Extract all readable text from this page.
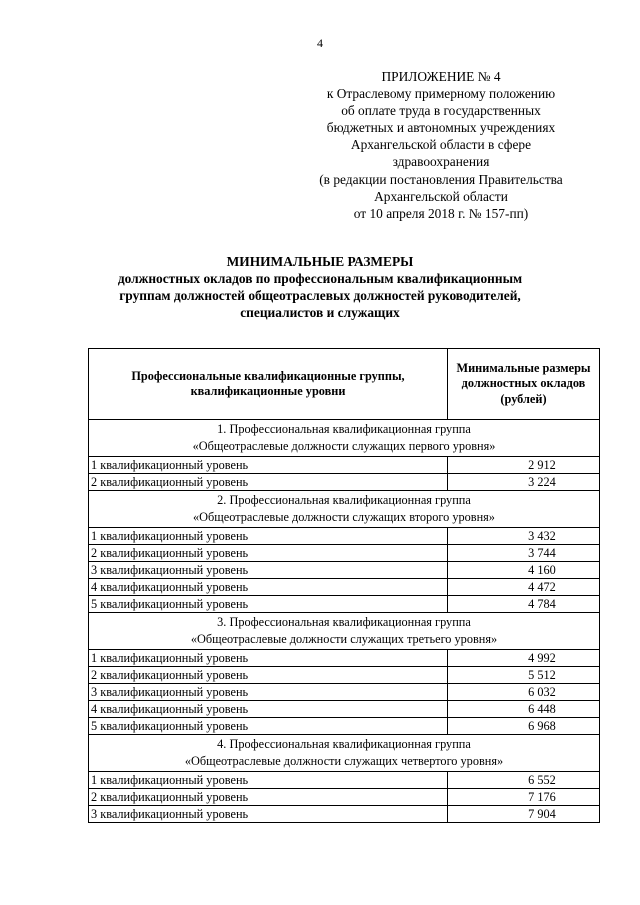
4
ПРИЛОЖЕНИЕ № 4
к Отраслевому примерному положению
об оплате труда в государственных
бюджетных и автономных учреждениях
Архангельской области в сфере
здравоохранения
(в редакции постановления Правительства
Архангельской области
от 10 апреля 2018 г. № 157-пп)
МИНИМАЛЬНЫЕ РАЗМЕРЫ
должностных окладов по профессиональным квалификационным
группам должностей общеотраслевых должностей руководителей,
специалистов и служащих
Профессиональные квалификационные группы, квалификационные уровни	Минимальные размеры должностных окладов (рублей)

1. Профессиональная квалификационная группа
«Общеотраслевые должности служащих первого уровня»	

1 квалификационный уровень	2 912
2 квалификационный уровень	3 224

2. Профессиональная квалификационная группа
«Общеотраслевые должности служащих второго уровня»	

1 квалификационный уровень	3 432
2 квалификационный уровень	3 744
3 квалификационный уровень	4 160
4 квалификационный уровень	4 472
5 квалификационный уровень	4 784

3. Профессиональная квалификационная группа
«Общеотраслевые должности служащих третьего уровня»	

1 квалификационный уровень	4 992
2 квалификационный уровень	5 512
3 квалификационный уровень	6 032
4 квалификационный уровень	6 448
5 квалификационный уровень	6 968

4. Профессиональная квалификационная группа
«Общеотраслевые должности служащих четвертого уровня»	

1 квалификационный уровень	6 552
2 квалификационный уровень	7 176
3 квалификационный уровень	7 904
